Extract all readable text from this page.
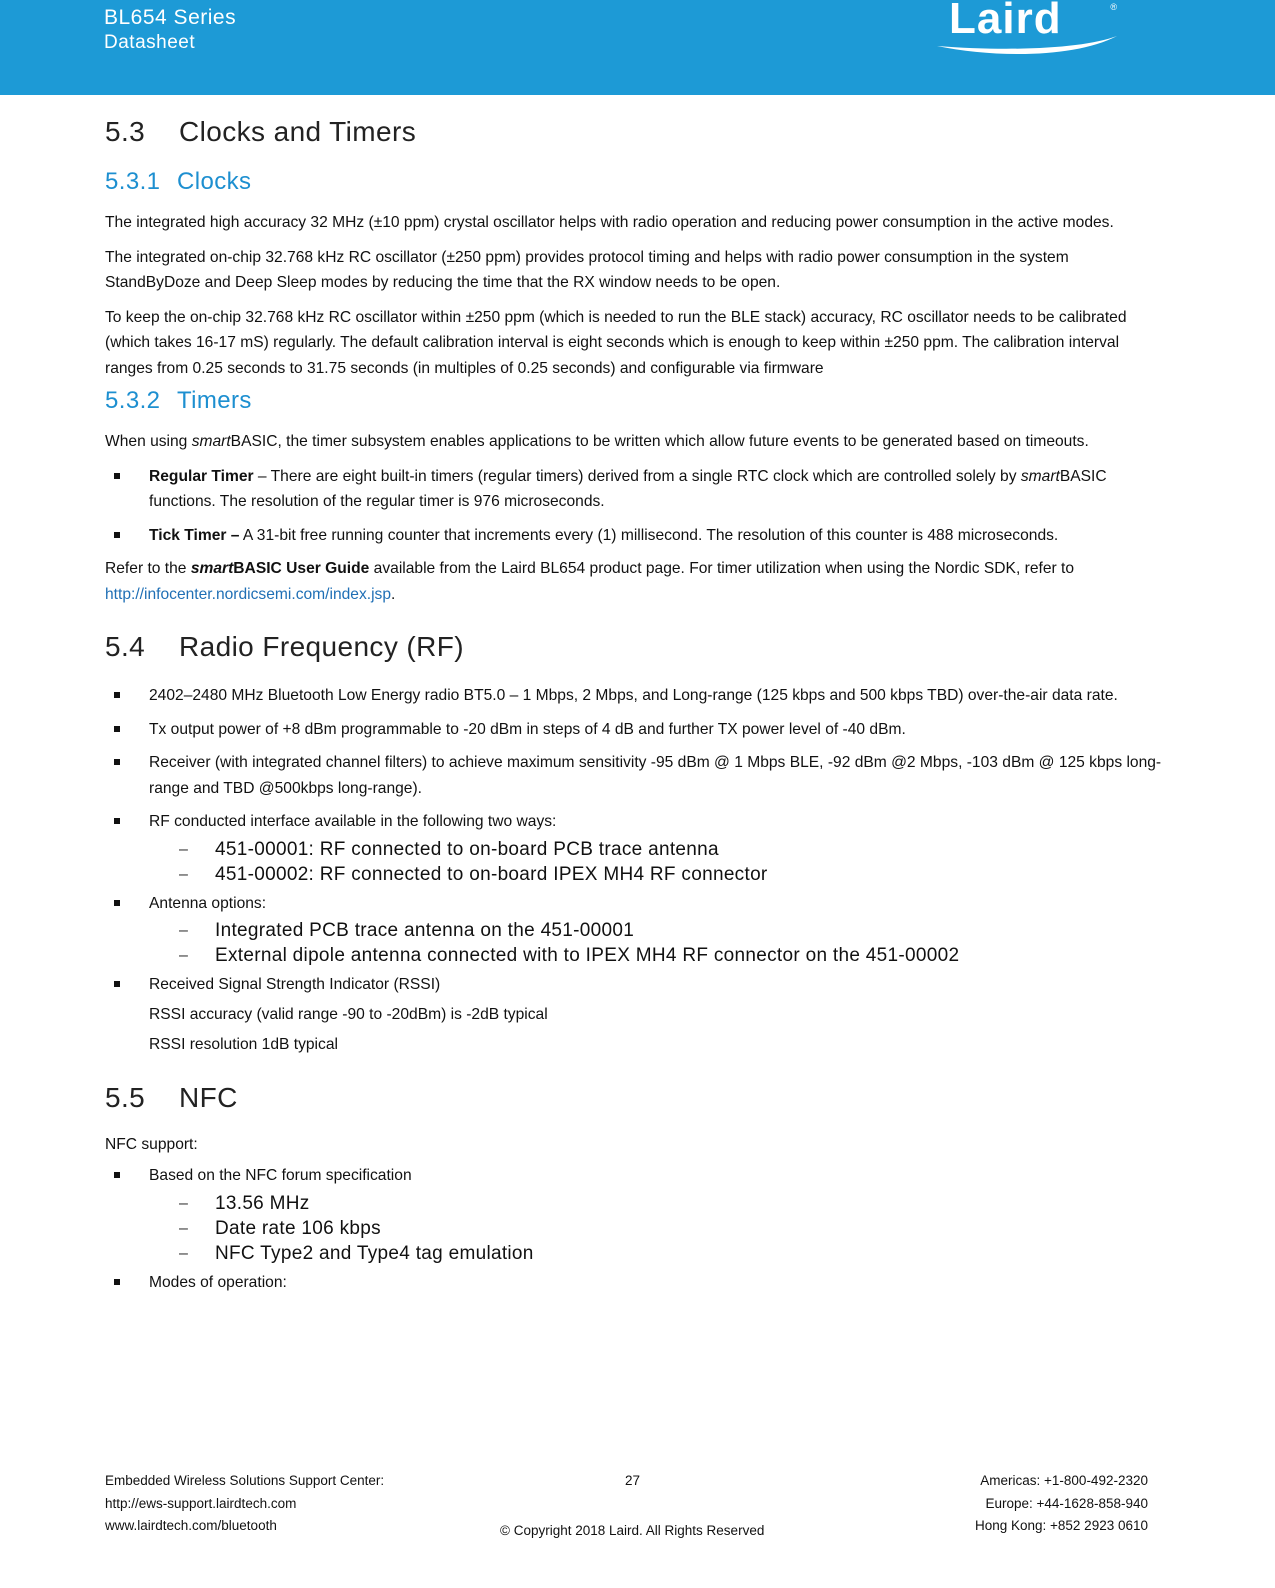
BL654 Series
Datasheet	Laird	®
5.3 Clocks and Timers
5.3.1 Clocks

The integrated high accuracy 32 MHz (±10 ppm) crystal oscillator helps with radio operation and reducing power consumption in the active modes.

The integrated on-chip 32.768 kHz RC oscillator (±250 ppm) provides protocol timing and helps with radio power consumption in the system StandByDoze and Deep Sleep modes by reducing the time that the RX window needs to be open.

To keep the on-chip 32.768 kHz RC oscillator within ±250 ppm (which is needed to run the BLE stack) accuracy, RC oscillator needs to be calibrated (which takes 16-17 mS) regularly. The default calibration interval is eight seconds which is enough to keep within ±250 ppm. The calibration interval ranges from 0.25 seconds to 31.75 seconds (in multiples of 0.25 seconds) and configurable via firmware

5.3.2 Timers

When using smartBASIC, the timer subsystem enables applications to be written which allow future events to be generated based on timeouts.

Regular Timer – There are eight built-in timers (regular timers) derived from a single RTC clock which are controlled solely by smartBASIC functions. The resolution of the regular timer is 976 microseconds.
Tick Timer – A 31-bit free running counter that increments every (1) millisecond. The resolution of this counter is 488 microseconds.

Refer to the smartBASIC User Guide available from the Laird BL654 product page. For timer utilization when using the Nordic SDK, refer to http://infocenter.nordicsemi.com/index.jsp.

5.4 Radio Frequency (RF)
2402–2480 MHz Bluetooth Low Energy radio BT5.0 – 1 Mbps, 2 Mbps, and Long-range (125 kbps and 500 kbps TBD) over-the-air data rate.
Tx output power of +8 dBm programmable to -20 dBm in steps of 4 dB and further TX power level of -40 dBm.
Receiver (with integrated channel filters) to achieve maximum sensitivity -95 dBm @ 1 Mbps BLE, -92 dBm @2 Mbps, -103 dBm @ 125 kbps long-range and TBD @500kbps long-range).
RF conducted interface available in the following two ways:
– 451-00001: RF connected to on-board PCB trace antenna
– 451-00002: RF connected to on-board IPEX MH4 RF connector
Antenna options:
– Integrated PCB trace antenna on the 451-00001
– External dipole antenna connected with to IPEX MH4 RF connector on the 451-00002
Received Signal Strength Indicator (RSSI)
RSSI accuracy (valid range -90 to -20dBm) is -2dB typical
RSSI resolution 1dB typical
5.5 NFC

NFC support:

Based on the NFC forum specification
– 13.56 MHz
– Date rate 106 kbps
– NFC Type2 and Type4 tag emulation
Modes of operation:
Embedded Wireless Solutions Support Center:
http://ews-support.lairdtech.com
www.lairdtech.com/bluetooth
27
© Copyright 2018 Laird. All Rights Reserved
Americas: +1-800-492-2320
Europe: +44-1628-858-940
Hong Kong: +852 2923 0610
